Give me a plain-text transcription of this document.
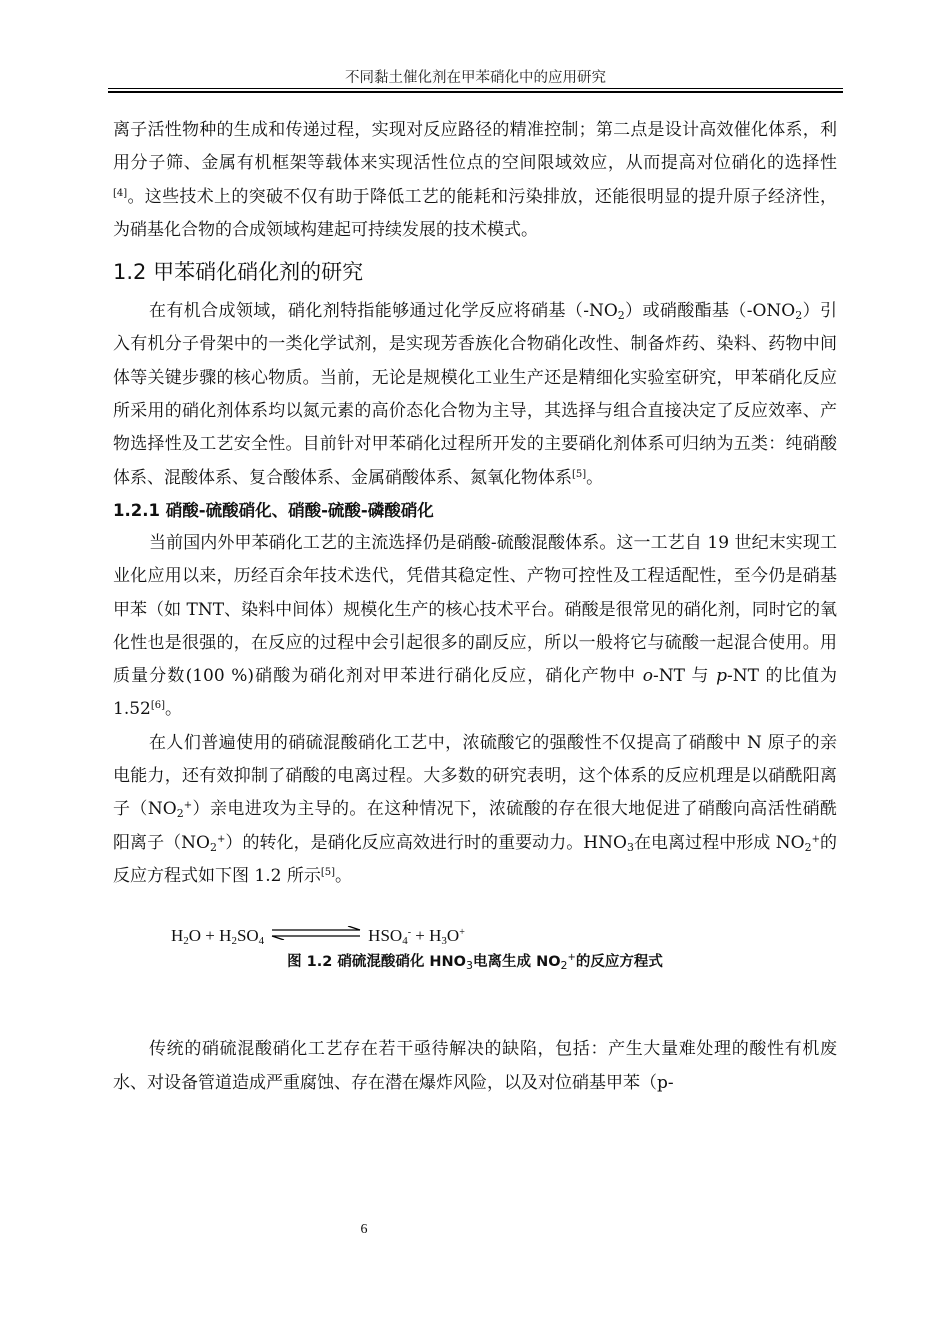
不同黏土催化剂在甲苯硝化中的应用研究

离子活性物种的生成和传递过程，实现对反应路径的精准控制；第二点是设计高效催化体系，利用分子筛、金属有机框架等载体来实现活性位点的空间限域效应，从而提高对位硝化的选择性[4]。这些技术上的突破不仅有助于降低工艺的能耗和污染排放，还能很明显的提升原子经济性，为硝基化合物的合成领域构建起可持续发展的技术模式。

1.2 甲苯硝化硝化剂的研究

在有机合成领域，硝化剂特指能够通过化学反应将硝基$(-NO_2)$或硝酸酯基$(-ONO_2)$引入有机分子骨架中的一类化学试剂，是实现芳香族化合物硝化改性、制备炸药、染料、药物中间体等关键步骤的核心物质。当前，无论是规模化工业生产还是精细化实验室研究，甲苯硝化反应所采用的硝化剂体系均以氮元素的高价态化合物为主导，其选择与组合直接决定了反应效率、产物选择性及工艺安全性。目前针对甲苯硝化过程所开发的主要硝化剂体系可归纳为五类：纯硝酸体系、混酸体系、复合酸体系、金属硝酸体系、氮氧化物体系[5]。

1.2.1 硝酸-硫酸硝化、硝酸-硫酸-磷酸硝化

当前国内外甲苯硝化工艺的主流选择仍是硝酸-硫酸混酸体系。这一工艺自 19 世纪末实现工业化应用以来，历经百余年技术迭代，凭借其稳定性、产物可控性及工程适配性，至今仍是硝基甲苯（如 TNT、染料中间体）规模化生产的核心技术平台。硝酸是很常见的硝化剂，同时它的氧化性也是很强的，在反应的过程中会引起很多的副反应，所以一般将它与硫酸一起混合使用。用质量分数(100 %)硝酸为硝化剂对甲苯进行硝化反应，硝化产物中 o-NT 与 p-NT 的比值为 1.52[6]。

在人们普遍使用的硝硫混酸硝化工艺中，浓硫酸它的强酸性不仅提高了硝酸中 N 原子的亲电能力，还有效抑制了硝酸的电离过程。大多数的研究表明，这个体系的反应机理是以硝酰阳离子$(NO_2^+)$亲电进攻为主导的。在这种情况下，浓硫酸的存在很大地促进了硝酸向高活性硝酰阳离子$(NO_2^+)$的转化，是硝化反应高效进行时的重要动力。$HNO_3$在电离过程中形成 $NO_2^+$的反应方程式如下图 1.2 所示[5]。

$H_2O + H_2SO_4$	$HSO_4^- + H_3O^+$
图 1.2 硝硫混酸硝化 $HNO_3$电离生成 $NO_2^+$的反应方程式

传统的硝硫混酸硝化工艺存在若干亟待解决的缺陷，包括：产生大量难处理的酸性有机废水、对设备管道造成严重腐蚀、存在潜在爆炸风险，以及对位硝基甲苯（p-

6
